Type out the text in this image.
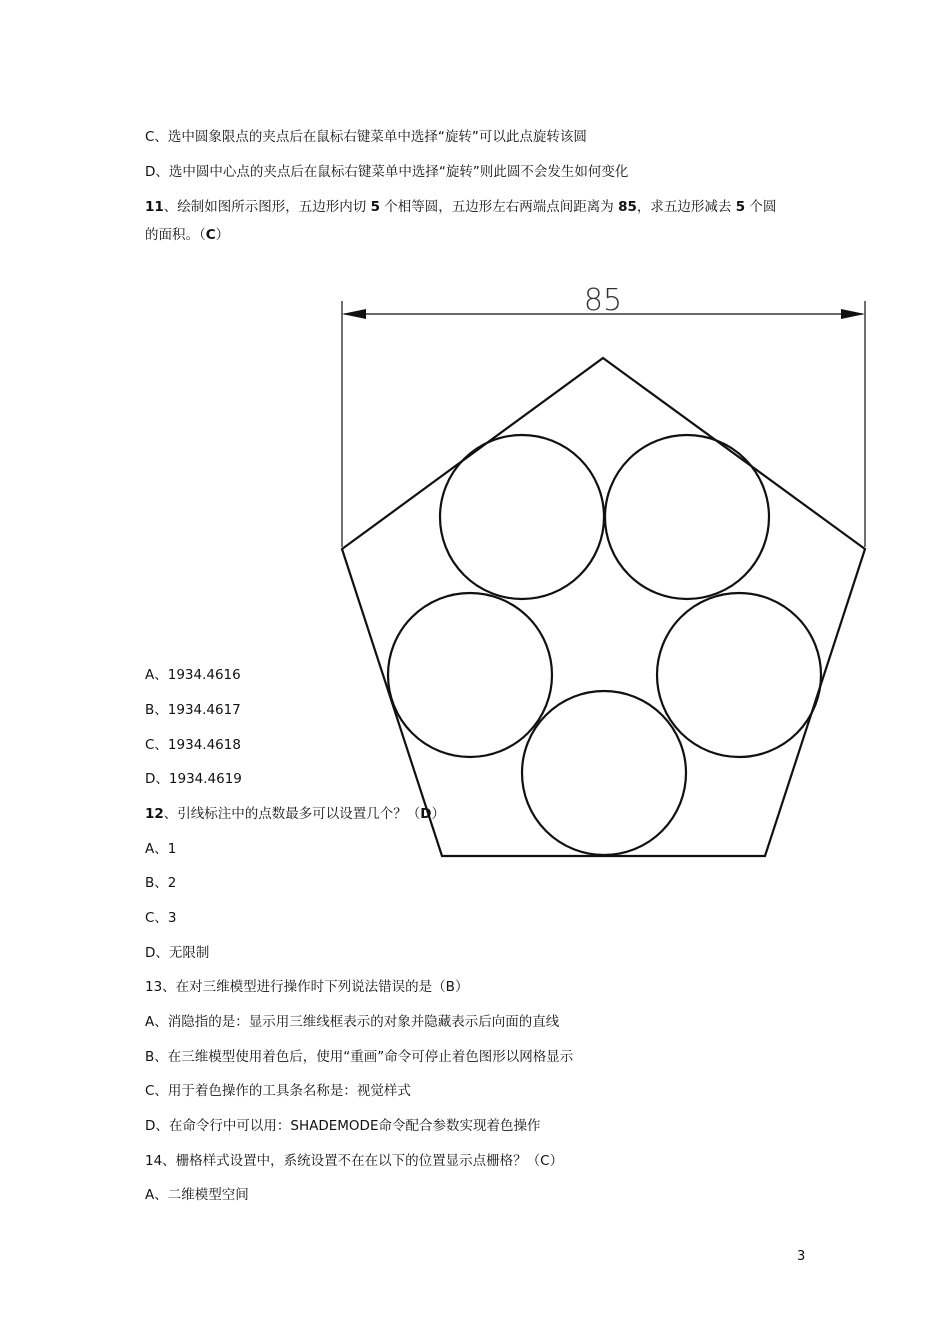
C、选中圆象限点的夹点后在鼠标右键菜单中选择“旋转”可以此点旋转该圆
D、选中圆中心点的夹点后在鼠标右键菜单中选择“旋转”则此圆不会发生如何变化
11、绘制如图所示图形，五边形内切 5 个相等圆，五边形左右两端点间距离为 85，求五边形减去 5 个圆
的面积。（C）
85
A、1934.4616
B、1934.4617
C、1934.4618
D、1934.4619
12、引线标注中的点数最多可以设置几个？（D）
A、1
B、2
C、3
D、无限制
13、在对三维模型进行操作时下列说法错误的是（B）
A、消隐指的是：显示用三维线框表示的对象并隐藏表示后向面的直线
B、在三维模型使用着色后，使用“重画”命令可停止着色图形以网格显示
C、用于着色操作的工具条名称是：视觉样式
D、在命令行中可以用：SHADEMODE命令配合参数实现着色操作
14、栅格样式设置中，系统设置不在在以下的位置显示点栅格？（C）
A、二维模型空间
3
